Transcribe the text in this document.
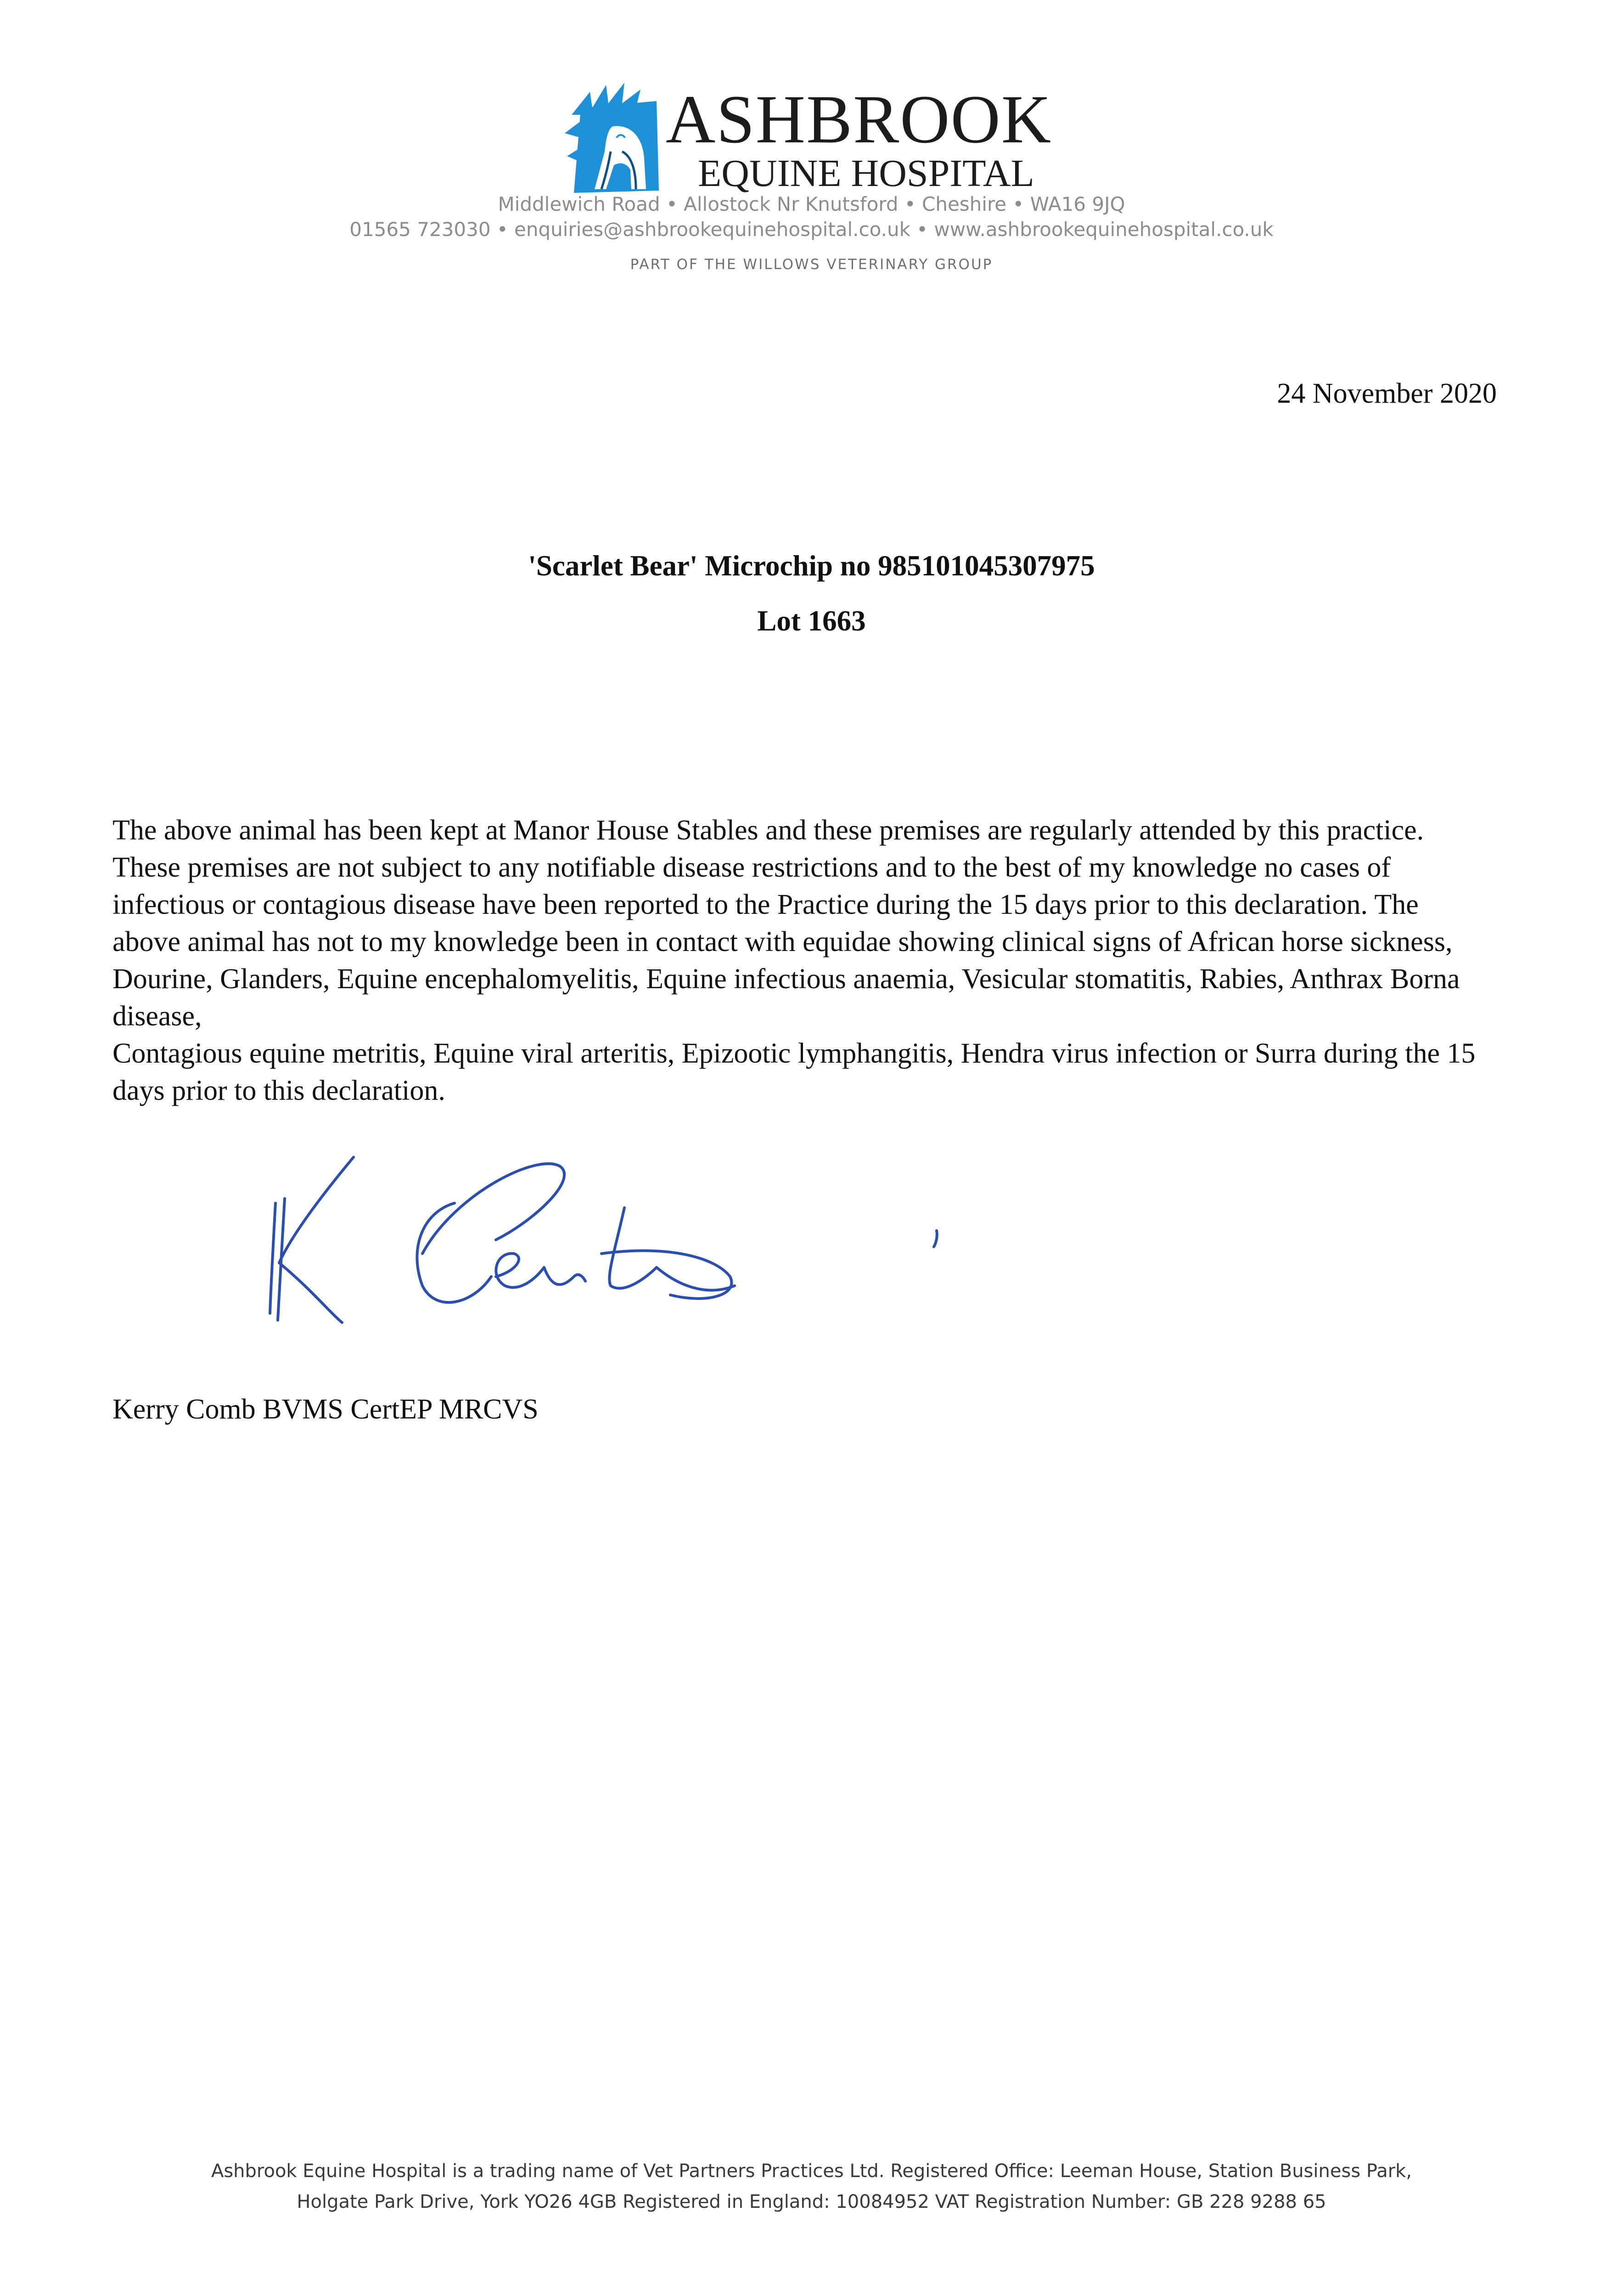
ASHBROOK
EQUINE HOSPITAL
Middlewich Road • Allostock Nr Knutsford • Cheshire • WA16 9JQ
01565 723030 • enquiries@ashbrookequinehospital.co.uk • www.ashbrookequinehospital.co.uk
PART OF THE WILLOWS VETERINARY GROUP
24 November 2020
'Scarlet Bear' Microchip no 985101045307975
Lot 1663

The above animal has been kept at Manor House Stables and these premises are regularly attended by this practice. These premises are not subject to any notifiable disease restrictions and to the best of my knowledge no cases of infectious or contagious disease have been reported to the Practice during the 15 days prior to this declaration. The above animal has not to my knowledge been in contact with equidae showing clinical signs of African horse sickness, Dourine, Glanders, Equine encephalomyelitis, Equine infectious anaemia, Vesicular stomatitis, Rabies, Anthrax Borna disease,

Contagious equine metritis, Equine viral arteritis, Epizootic lymphangitis, Hendra virus infection or Surra during the 15 days prior to this declaration.

Kerry Comb BVMS CertEP MRCVS
Ashbrook Equine Hospital is a trading name of Vet Partners Practices Ltd. Registered Office: Leeman House, Station Business Park,
Holgate Park Drive, York YO26 4GB Registered in England: 10084952 VAT Registration Number: GB 228 9288 65
